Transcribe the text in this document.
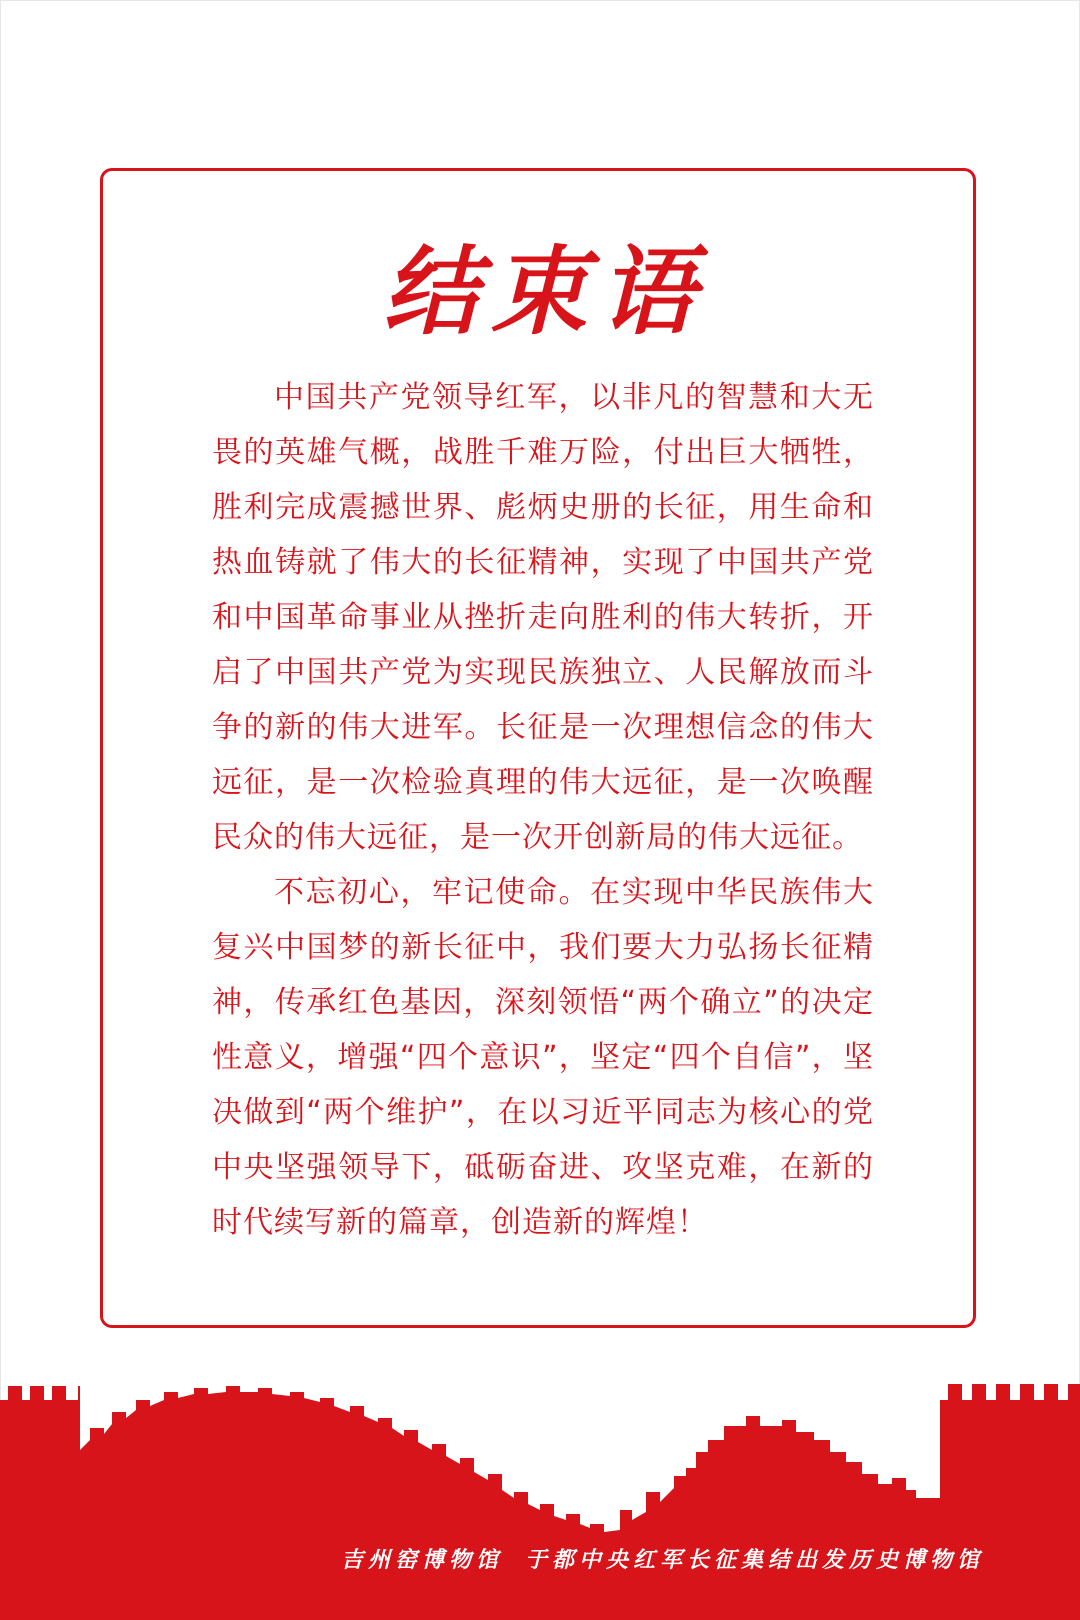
结束语

中国共产党领导红军，以非凡的智慧和大无畏的英雄气概，战胜千难万险，付出巨大牺牲，胜利完成震撼世界、彪炳史册的长征，用生命和热血铸就了伟大的长征精神，实现了中国共产党和中国革命事业从挫折走向胜利的伟大转折，开启了中国共产党为实现民族独立、人民解放而斗争的新的伟大进军。长征是一次理想信念的伟大远征，是一次检验真理的伟大远征，是一次唤醒民众的伟大远征，是一次开创新局的伟大远征。

不忘初心，牢记使命。在实现中华民族伟大复兴中国梦的新长征中，我们要大力弘扬长征精神，传承红色基因，深刻领悟“两个确立”的决定性意义，增强“四个意识”，坚定“四个自信”，坚决做到“两个维护”，在以习近平同志为核心的党中央坚强领导下，砥砺奋进、攻坚克难，在新的时代续写新的篇章，创造新的辉煌！

吉州窑博物馆 于都中央红军长征集结出发历史博物馆
